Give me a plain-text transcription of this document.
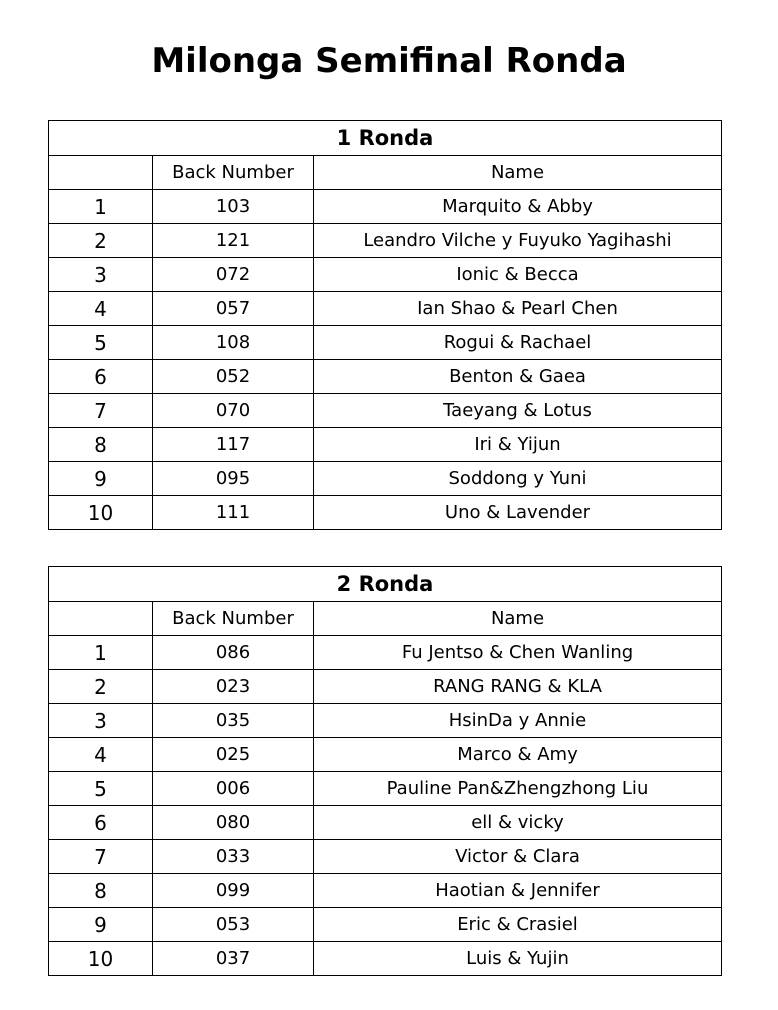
Milonga Semifinal Ronda
1 Ronda		
	Back Number	Name
1	103	Marquito & Abby
2	121	Leandro Vilche y Fuyuko Yagihashi
3	072	Ionic & Becca
4	057	Ian Shao & Pearl Chen
5	108	Rogui & Rachael
6	052	Benton & Gaea
7	070	Taeyang & Lotus
8	117	Iri & Yijun
9	095	Soddong y Yuni
10	111	Uno & Lavender
2 Ronda		
	Back Number	Name
1	086	Fu Jentso & Chen Wanling
2	023	RANG RANG & KLA
3	035	HsinDa y Annie
4	025	Marco & Amy
5	006	Pauline Pan&Zhengzhong Liu
6	080	ell & vicky
7	033	Victor & Clara
8	099	Haotian & Jennifer
9	053	Eric & Crasiel
10	037	Luis & Yujin
